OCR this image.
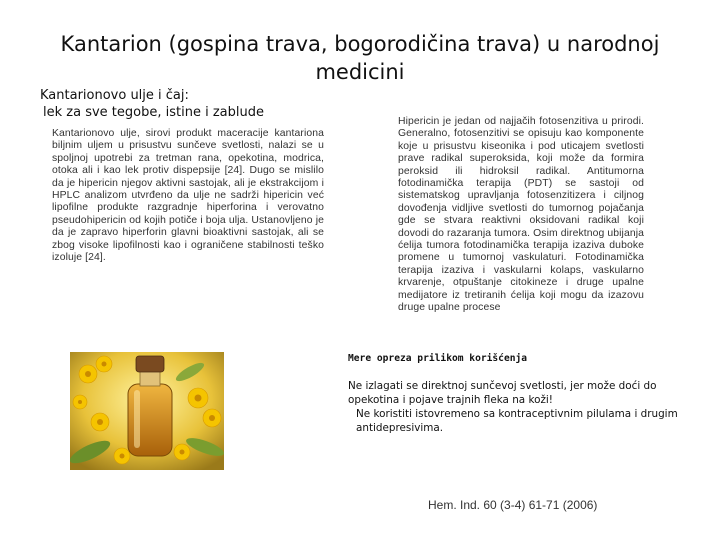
Kantarion (gospina trava, bogorodičina trava) u narodnoj medicini
Kantarionovo ulje i čaj:
lek za sve tegobe, istine i zablude
Kantarionovo ulje, sirovi produkt maceracije kantariona biljnim uljem u prisustvu sunčeve svetlosti, nalazi se u spoljnoj upotrebi za tretman rana, opekotina, modrica, otoka ali i kao lek protiv dispepsije [24]. Dugo se mislilo da je hipericin njegov aktivni sastojak, ali je ekstrakcijom i HPLC analizom utvrđeno da ulje ne sadrži hipericin već lipofilne produkte razgradnje hiperforina i verovatno pseudohipericin od kojih potiče i boja ulja. Ustanovljeno je da je zapravo hiperforin glavni bioaktivni sastojak, ali se zbog visoke lipofilnosti kao i ograničene stabilnosti teško izoluje [24].
Hipericin je jedan od najjačih fotosenzitiva u prirodi. Generalno, fotosenzitivi se opisuju kao komponente koje u prisustvu kiseonika i pod uticajem svetlosti prave radikal superoksida, koji može da formira peroksid ili hidroksil radikal. Antitumorna fotodinamička terapija (PDT) se sastoji od sistematskog upravljanja fotosenzitizera i cilјnog dovođenja vidljive svetlosti do tumornog pojačanja gde se stvara reaktivni oksidovani radikal koji dovodi do razaranja tumora. Osim direktnog ubijanja ćelija tumora fotodinamička terapija izaziva duboke promene u tumornoj vaskulaturi. Fotodinamička terapija izaziva i vaskularni kolaps, vaskularno krvarenje, otpuštanje citokineze i druge upalne medijatore iz tretiranih ćelija koji mogu da izazovu druge upalne procese
Mere opreza prilikom korišćenja

Ne izlagati se direktnoj sunčevoj svetlosti, jer može doći do opekotina i pojave trajnih fleka na koži!

Ne koristiti istovremeno sa kontraceptivnim pilulama i drugim antidepresivima.

Hem. Ind. 60 (3-4) 61-71 (2006)
